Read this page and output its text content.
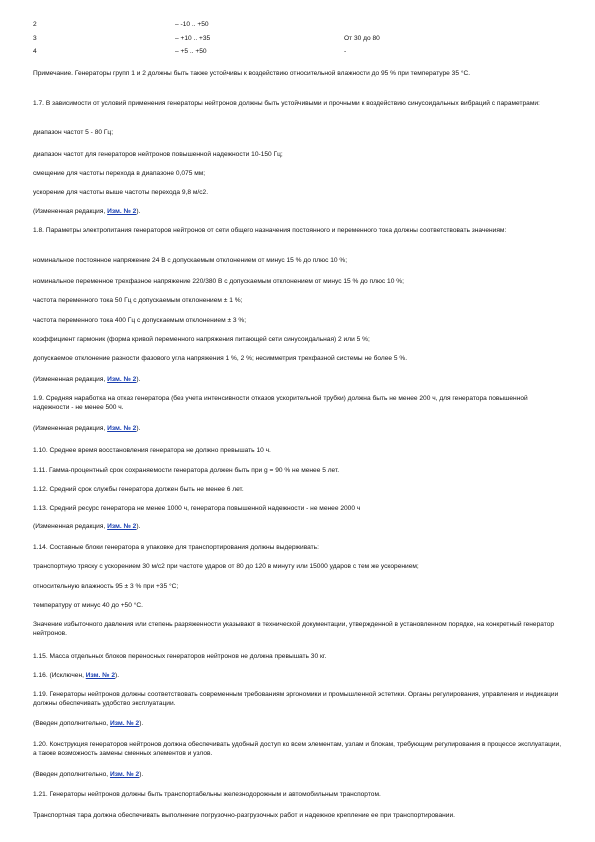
2	– -10 .. +50
3	– +10 .. +35	От 30 до 80
4	– +5 .. +50	-

Примечание. Генераторы групп 1 и 2 должны быть также устойчивы к воздействию относительной влажности до 95 % при температуре 35 °С.

1.7. В зависимости от условий применения генераторы нейтронов должны быть устойчивыми и прочными к воздействию синусоидальных вибраций с параметрами:

диапазон частот 5 - 80 Гц;

диапазон частот для генераторов нейтронов повышенной надежности 10-150 Гц;

смещение для частоты перехода в диапазоне 0,075 мм;

ускорение для частоты выше частоты перехода 9,8 м/с2.

(Измененная редакция, Изм. № 2).

1.8. Параметры электропитания генераторов нейтронов от сети общего назначения постоянного и переменного тока должны соответствовать значениям:

номинальное постоянное напряжение 24 В с допускаемым отклонением от минус 15 % до плюс 10 %;

номинальное переменное трехфазное напряжение 220/380 В с допускаемым отклонением от минус 15 % до плюс 10 %;

частота переменного тока 50 Гц с допускаемым отклонением ± 1 %;

частота переменного тока 400 Гц с допускаемым отклонением ± 3 %;

коэффициент гармоник (форма кривой переменного напряжения питающей сети синусоидальная) 2 или 5 %;

допускаемое отклонение разности фазового угла напряжения 1 %, 2 %; несимметрия трехфазной системы не более 5 %.

(Измененная редакция, Изм. № 2).

1.9. Средняя наработка на отказ генератора (без учета интенсивности отказов ускорительной трубки) должна быть не менее 200 ч, для генератора повышенной надежности - не менее 500 ч.

(Измененная редакция, Изм. № 2).

1.10. Среднее время восстановления генератора не должно превышать 10 ч.

1.11. Гамма-процентный срок сохраняемости генератора должен быть при g = 90 % не менее 5 лет.

1.12. Средний срок службы генератора должен быть не менее 6 лет.

1.13. Средний ресурс генератора не менее 1000 ч, генератора повышенной надежности - не менее 2000 ч

(Измененная редакция, Изм. № 2).

1.14. Составные блоки генератора в упаковке для транспортирования должны выдерживать:

транспортную тряску с ускорением 30 м/с2 при частоте ударов от 80 до 120 в минуту или 15000 ударов с тем же ускорением;

относительную влажность 95 ± 3 % при +35 °С;

температуру от минус 40 до +50 °С.

Значение избыточного давления или степень разряженности указывают в технической документации, утвержденной в установленном порядке, на конкретный генератор нейтронов.

1.15. Масса отдельных блоков переносных генераторов нейтронов не должна превышать 30 кг.

1.16. (Исключен, Изм. № 2).

1.19. Генераторы нейтронов должны соответствовать современным требованиям эргономики и промышленной эстетики. Органы регулирования, управления и индикации должны обеспечивать удобство эксплуатации.

(Введен дополнительно, Изм. № 2).

1.20. Конструкция генераторов нейтронов должна обеспечивать удобный доступ ко всем элементам, узлам и блокам, требующим регулирования в процессе эксплуатации, а также возможность замены сменных элементов и узлов.

(Введен дополнительно, Изм. № 2).

1.21. Генераторы нейтронов должны быть транспортабельны железнодорожным и автомобильным транспортом.

Транспортная тара должна обеспечивать выполнение погрузочно-разгрузочных работ и надежное крепление ее при транспортировании.
